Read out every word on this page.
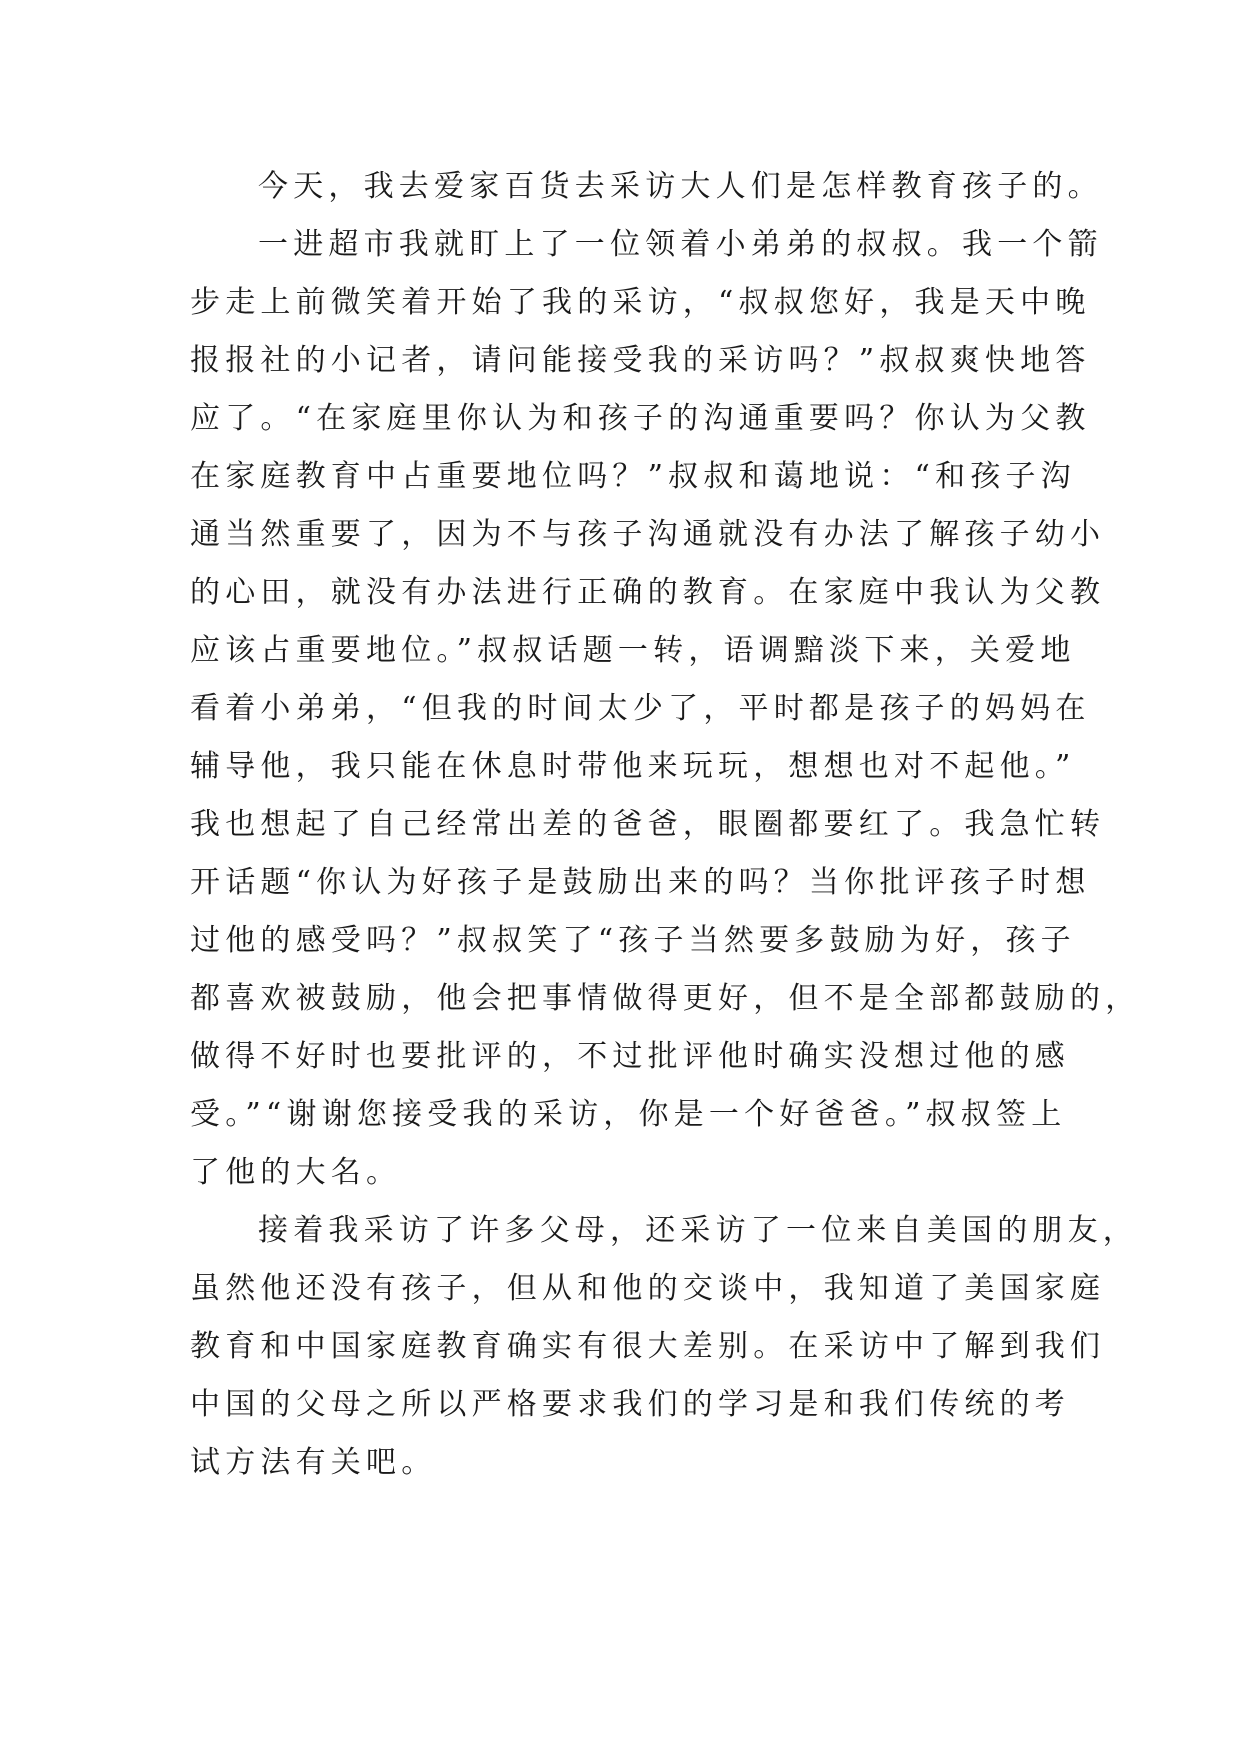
今天，我去爱家百货去采访大人们是怎样教育孩子的。
一进超市我就盯上了一位领着小弟弟的叔叔。我一个箭
步走上前微笑着开始了我的采访，“叔叔您好，我是天中晚
报报社的小记者，请问能接受我的采访吗？”叔叔爽快地答
应了。“在家庭里你认为和孩子的沟通重要吗？你认为父教
在家庭教育中占重要地位吗？”叔叔和蔼地说：“和孩子沟
通当然重要了，因为不与孩子沟通就没有办法了解孩子幼小
的心田，就没有办法进行正确的教育。在家庭中我认为父教
应该占重要地位。”叔叔话题一转，语调黯淡下来，关爱地
看着小弟弟，“但我的时间太少了，平时都是孩子的妈妈在
辅导他，我只能在休息时带他来玩玩，想想也对不起他。”
我也想起了自己经常出差的爸爸，眼圈都要红了。我急忙转
开话题“你认为好孩子是鼓励出来的吗？当你批评孩子时想
过他的感受吗？”叔叔笑了“孩子当然要多鼓励为好，孩子
都喜欢被鼓励，他会把事情做得更好，但不是全部都鼓励的，
做得不好时也要批评的，不过批评他时确实没想过他的感
受。”“谢谢您接受我的采访，你是一个好爸爸。”叔叔签上
了他的大名。
接着我采访了许多父母，还采访了一位来自美国的朋友，
虽然他还没有孩子，但从和他的交谈中，我知道了美国家庭
教育和中国家庭教育确实有很大差别。在采访中了解到我们
中国的父母之所以严格要求我们的学习是和我们传统的考
试方法有关吧。
